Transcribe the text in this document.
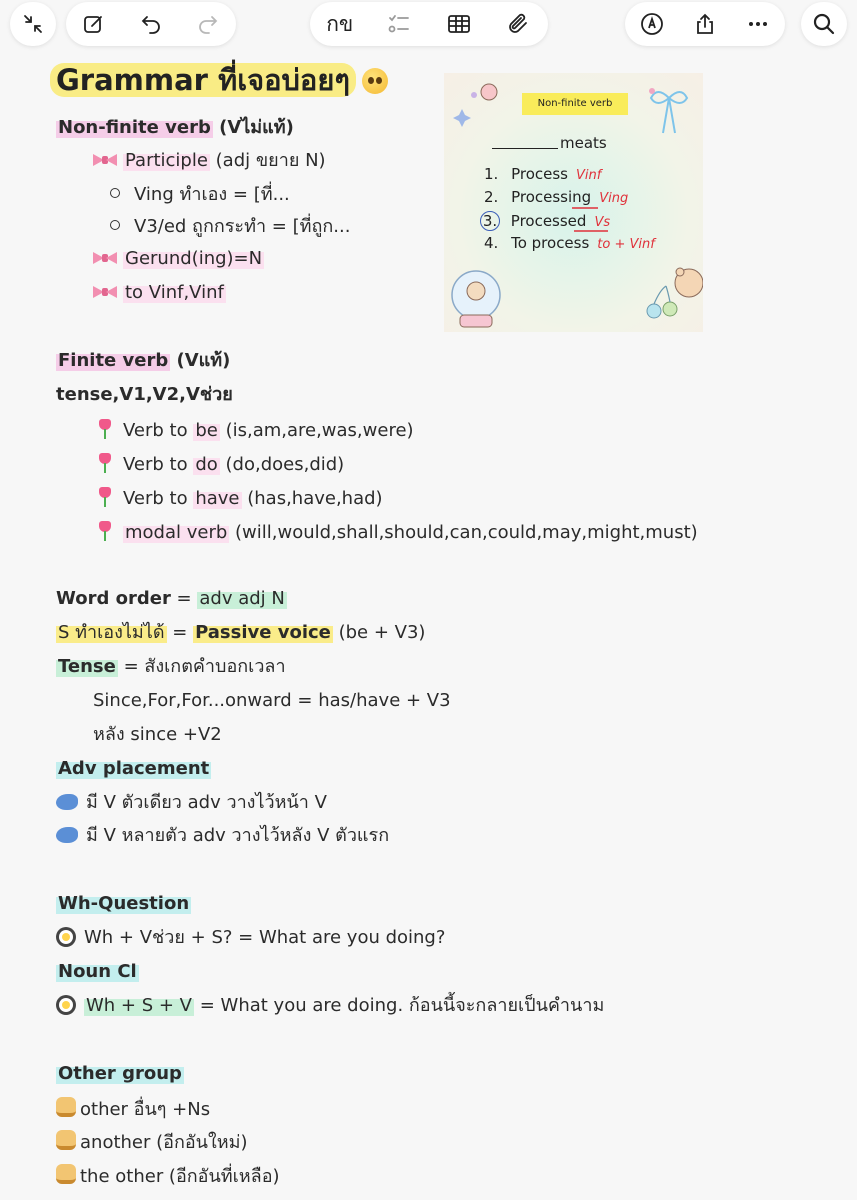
กข
Grammar ที่เจอบ่อยๆ
Non-finite verb (Vไม่แท้)
Participle (adj ขยาย N)
Ving ทำเอง = [ที่...
V3/ed ถูกกระทำ = [ที่ถูก...
Gerund(ing)=N
to Vinf,Vinf
Finite verb (Vแท้)
tense,V1,V2,Vช่วย
Verb to be (is,am,are,was,were)
Verb to do (do,does,did)
Verb to have (has,have,had)
modal verb (will,would,shall,should,can,could,may,might,must)
Word order = adv adj N
S ทำเองไม่ได้ = Passive voice (be + V3)
Tense = สังเกตคำบอกเวลา
Since,For,For...onward = has/have + V3
หลัง since +V2
Adv placement
มี V ตัวเดียว adv วางไว้หน้า V
มี V หลายตัว adv วางไว้หลัง V ตัวแรก
Wh-Question
Wh + Vช่วย + S? = What are you doing?
Noun Cl
Wh + S + V = What you are doing. ก้อนนี้จะกลายเป็นคำนาม
Other group
other อื่นๆ +Ns
another (อีกอันใหม่)
the other (อีกอันที่เหลือ)
Non-finite verb
meats
1. Process Vinf
2. Processing Ving
3. Processed Vs
4. To process to + Vinf
